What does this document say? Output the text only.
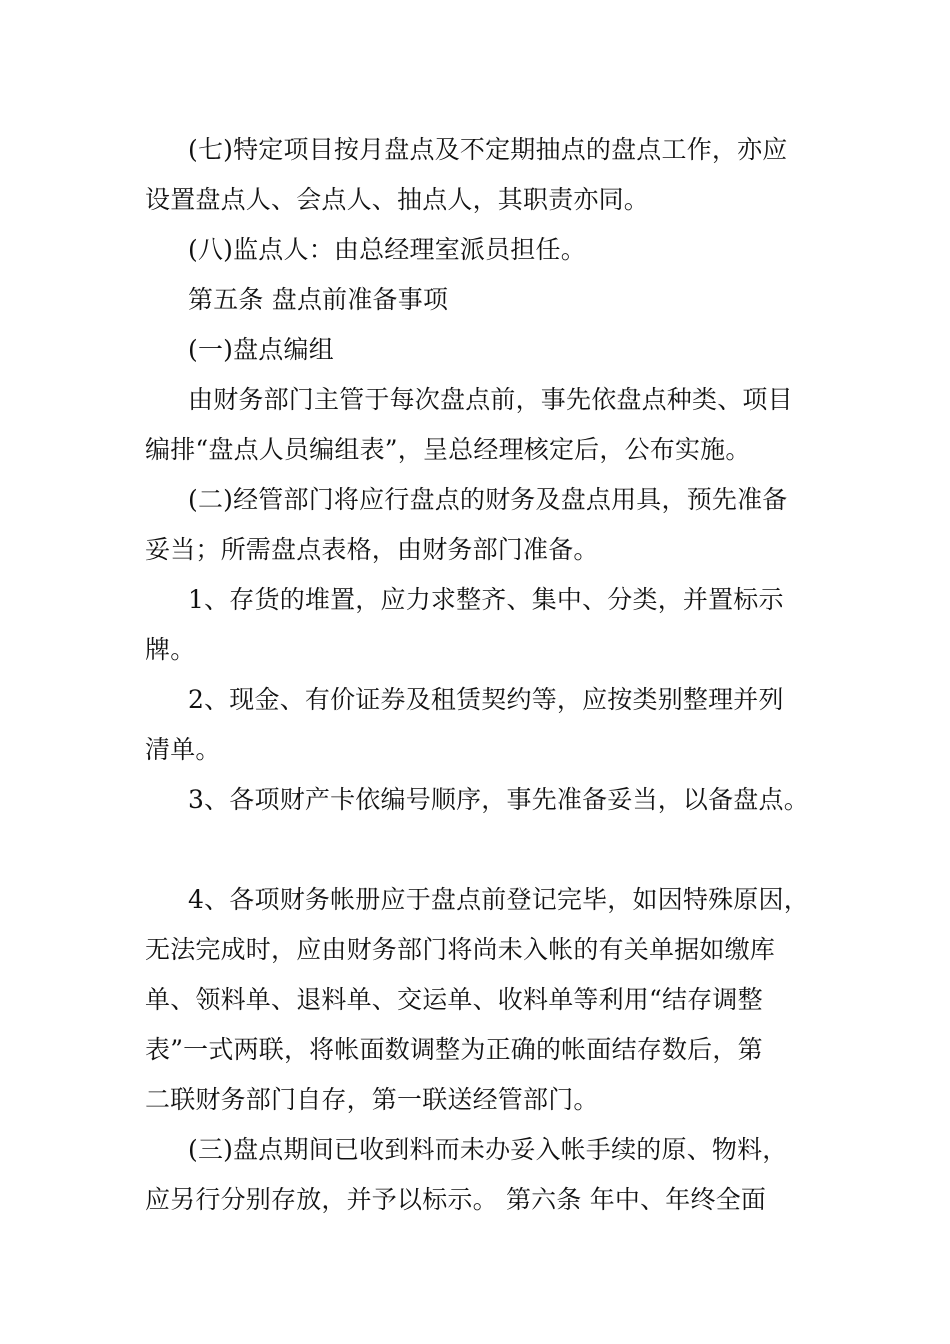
(七)特定项目按月盘点及不定期抽点的盘点工作，亦应
设置盘点人、会点人、抽点人，其职责亦同。
(八)监点人：由总经理室派员担任。
第五条 盘点前准备事项
(一)盘点编组
由财务部门主管于每次盘点前，事先依盘点种类、项目
编排“盘点人员编组表”，呈总经理核定后，公布实施。
(二)经管部门将应行盘点的财务及盘点用具，预先准备
妥当；所需盘点表格，由财务部门准备。
1、存货的堆置，应力求整齐、集中、分类，并置标示
牌。
2、现金、有价证券及租赁契约等，应按类别整理并列
清单。
3、各项财产卡依编号顺序，事先准备妥当，以备盘点。
4、各项财务帐册应于盘点前登记完毕，如因特殊原因，
无法完成时，应由财务部门将尚未入帐的有关单据如缴库
单、领料单、退料单、交运单、收料单等利用“结存调整
表”一式两联，将帐面数调整为正确的帐面结存数后，第
二联财务部门自存，第一联送经管部门。
(三)盘点期间已收到料而未办妥入帐手续的原、物料，
应另行分别存放，并予以标示。 第六条 年中、年终全面
